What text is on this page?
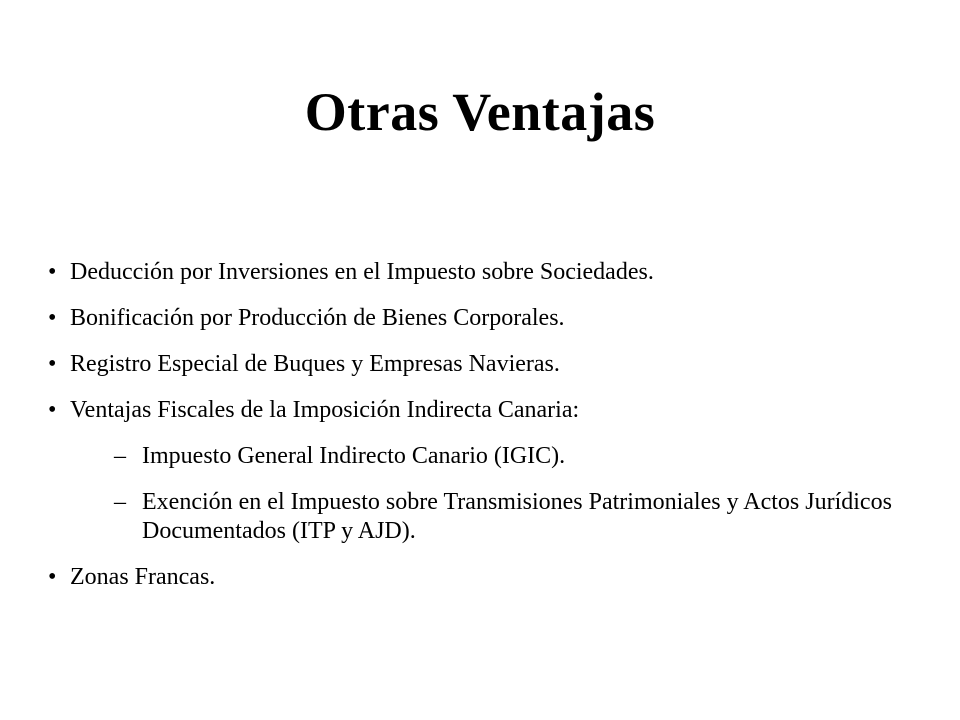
Otras Ventajas
• Deducción por Inversiones en el Impuesto sobre Sociedades.
• Bonificación por Producción de Bienes Corporales.
• Registro Especial de Buques y Empresas Navieras.
• Ventajas Fiscales de la Imposición Indirecta Canaria:
– Impuesto General Indirecto Canario (IGIC).
– Exención en el Impuesto sobre Transmisiones Patrimoniales y Actos Jurídicos Documentados (ITP y AJD).
• Zonas Francas.
